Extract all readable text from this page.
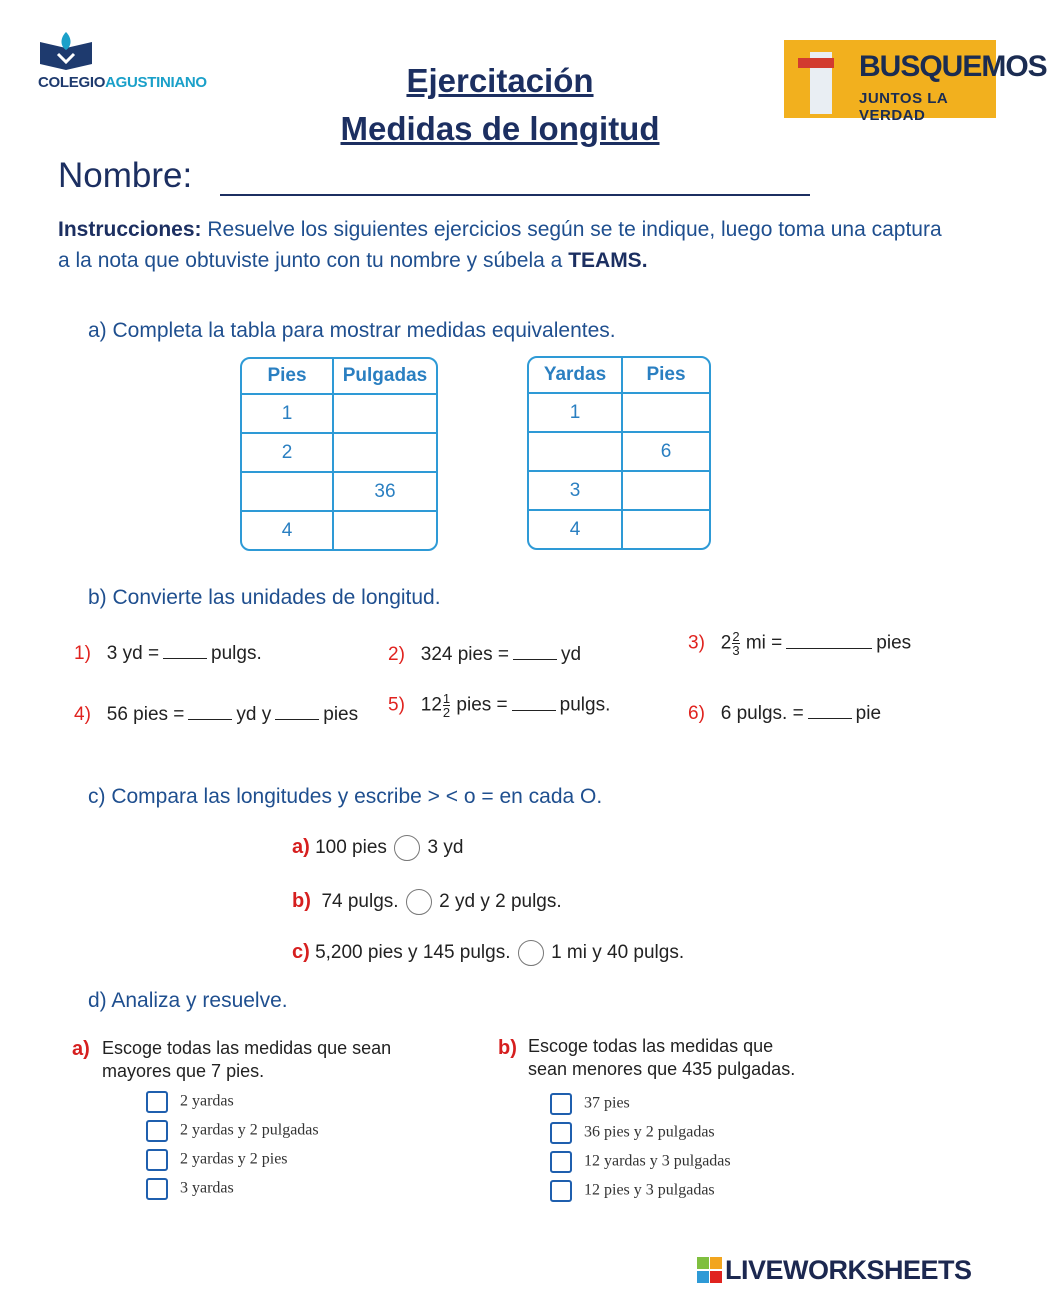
COLEGIOAGUSTINIANO	Ejercitación
Medidas de longitud
BUSQUEMOS
JUNTOS LA VERDAD
Nombre:
Instrucciones: Resuelve los siguientes ejercicios según se te indique, luego toma una captura a la nota que obtuviste junto con tu nombre y súbela a TEAMS.
a) Completa la tabla para mostrar medidas equivalentes.
Pies	Pulgadas
1	
2	
	36
4	
Yardas	Pies
1	
	6
3	
4	
b) Convierte las unidades de longitud.
1) 3 yd =	pulgs.	2) 324 pies =	yd
3) $2 \frac{2}{3}$ mi =	pies
4) 56 pies =	yd y	pies 5) $12 \frac{1}{2}$ pies =	pulgs.	6) 6 pulgs. =	pie
c) Compara las longitudes y escribe > < o = en cada O.
a) 100 pies 3 yd
b) 74 pulgs. 2 yd y 2 pulgs.
c) 5,200 pies y 145 pulgs. 1 mi y 40 pulgs.
d) Analiza y resuelve.
a) Escoge todas las medidas que sean
mayores que 7 pies.
2 yardas
2 yardas y 2 pulgadas
2 yardas y 2 pies
3 yardas
b) Escoge todas las medidas que
sean menores que 435 pulgadas.
37 pies
36 pies y 2 pulgadas
12 yardas y 3 pulgadas
12 pies y 3 pulgadas
LIVEWORKSHEETS
